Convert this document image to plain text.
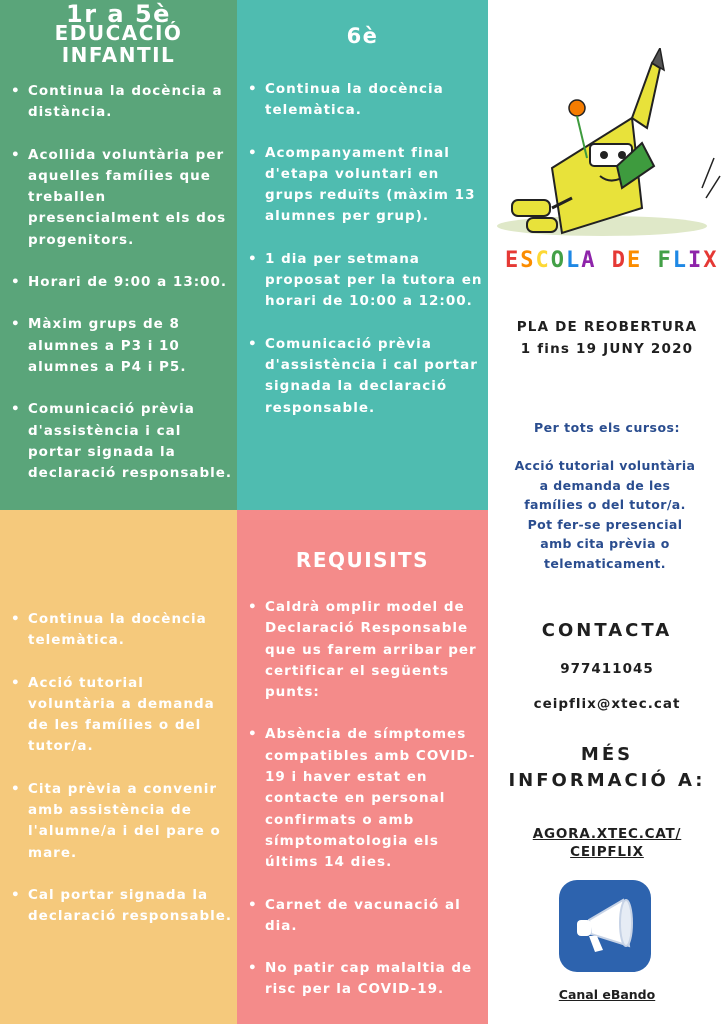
EDUCACIÓ
INFANTIL
• Continua la docència a distància.
• Acollida voluntària per aquelles famílies que treballen presencialment els dos progenitors.
• Horari de 9:00 a 13:00.
• Màxim grups de 8 alumnes a P3 i 10 alumnes a P4 i P5.
• Comunicació prèvia d'assistència i cal portar signada la declaració responsable.
6è
• Continua la docència telemàtica.
• Acompanyament final d'etapa voluntari en grups reduïts (màxim 13 alumnes per grup).
• 1 dia per setmana proposat per la tutora en horari de 10:00 a 12:00.
• Comunicació prèvia d'assistència i cal portar signada la declaració responsable.
1r a 5è
• Continua la docència telemàtica.
• Acció tutorial voluntària a demanda de les famílies o del tutor/a.
• Cita prèvia a convenir amb assistència de l'alumne/a i del pare o mare.
• Cal portar signada la declaració responsable.
REQUISITS
• Caldrà omplir model de Declaració Responsable que us farem arribar per certificar el següents punts:
• Absència de símptomes compatibles amb COVID-19 i haver estat en contacte en personal confirmats o amb símptomatologia els últims 14 dies.
• Carnet de vacunació al dia.
• No patir cap malaltia de risc per la COVID-19.
ESCOLA DE FLIX
PLA DE REOBERTURA
1 fins 19 JUNY 2020
Per tots els cursos:
Acció tutorial voluntària
a demanda de les
famílies o del tutor/a.
Pot fer-se presencial
amb cita prèvia o
telematicament.
CONTACTA
977411045
ceipflix@xtec.cat
MÉS
INFORMACIÓ A:
AGORA.XTEC.CAT/
CEIPFLIX
Canal eBando
